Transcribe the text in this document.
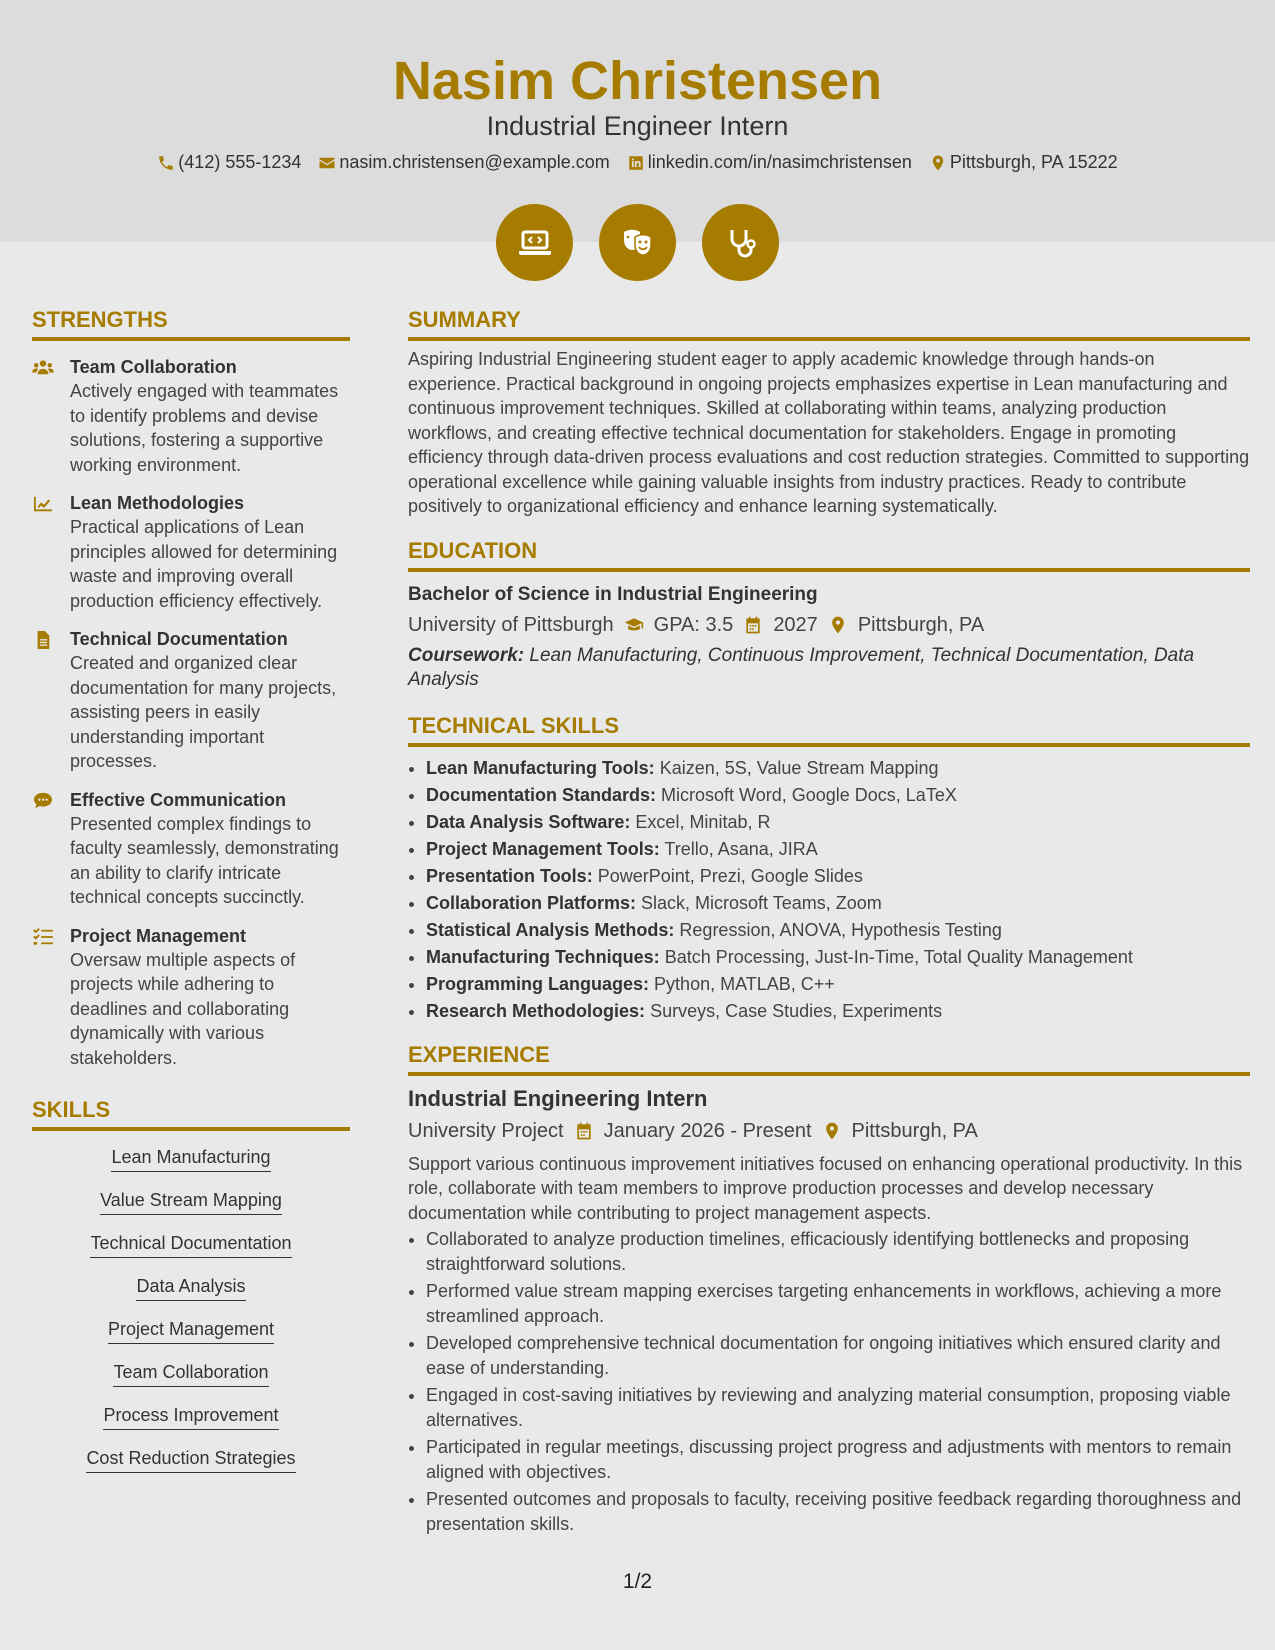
Nasim Christensen
Industrial Engineer Intern
(412) 555-1234 nasim.christensen@example.com linkedin.com/in/nasimchristensen Pittsburgh, PA 15222
STRENGTHS
Team Collaboration
Actively engaged with teammates to identify problems and devise solutions, fostering a supportive working environment.
Lean Methodologies
Practical applications of Lean principles allowed for determining waste and improving overall production efficiency effectively.
Technical Documentation
Created and organized clear documentation for many projects, assisting peers in easily understanding important processes.
Effective Communication
Presented complex findings to faculty seamlessly, demonstrating an ability to clarify intricate technical concepts succinctly.
Project Management
Oversaw multiple aspects of projects while adhering to deadlines and collaborating dynamically with various stakeholders.
SKILLS
Lean Manufacturing
Value Stream Mapping
Technical Documentation
Data Analysis
Project Management
Team Collaboration
Process Improvement
Cost Reduction Strategies
SUMMARY
Aspiring Industrial Engineering student eager to apply academic knowledge through hands-on experience. Practical background in ongoing projects emphasizes expertise in Lean manufacturing and continuous improvement techniques. Skilled at collaborating within teams, analyzing production workflows, and creating effective technical documentation for stakeholders. Engage in promoting efficiency through data-driven process evaluations and cost reduction strategies. Committed to supporting operational excellence while gaining valuable insights from industry practices. Ready to contribute positively to organizational efficiency and enhance learning systematically.
EDUCATION
Bachelor of Science in Industrial Engineering
University of Pittsburgh GPA: 3.5 2027 Pittsburgh, PA
Coursework: Lean Manufacturing, Continuous Improvement, Technical Documentation, Data Analysis
TECHNICAL SKILLS
• Lean Manufacturing Tools: Kaizen, 5S, Value Stream Mapping
• Documentation Standards: Microsoft Word, Google Docs, LaTeX
• Data Analysis Software: Excel, Minitab, R
• Project Management Tools: Trello, Asana, JIRA
• Presentation Tools: PowerPoint, Prezi, Google Slides
• Collaboration Platforms: Slack, Microsoft Teams, Zoom
• Statistical Analysis Methods: Regression, ANOVA, Hypothesis Testing
• Manufacturing Techniques: Batch Processing, Just-In-Time, Total Quality Management
• Programming Languages: Python, MATLAB, C++
• Research Methodologies: Surveys, Case Studies, Experiments
EXPERIENCE
Industrial Engineering Intern
University Project January 2026 - Present Pittsburgh, PA
Support various continuous improvement initiatives focused on enhancing operational productivity. In this role, collaborate with team members to improve production processes and develop necessary documentation while contributing to project management aspects.
• Collaborated to analyze production timelines, efficaciously identifying bottlenecks and proposing straightforward solutions.
• Performed value stream mapping exercises targeting enhancements in workflows, achieving a more streamlined approach.
• Developed comprehensive technical documentation for ongoing initiatives which ensured clarity and ease of understanding.
• Engaged in cost-saving initiatives by reviewing and analyzing material consumption, proposing viable alternatives.
• Participated in regular meetings, discussing project progress and adjustments with mentors to remain aligned with objectives.
• Presented outcomes and proposals to faculty, receiving positive feedback regarding thoroughness and presentation skills.
1/2
